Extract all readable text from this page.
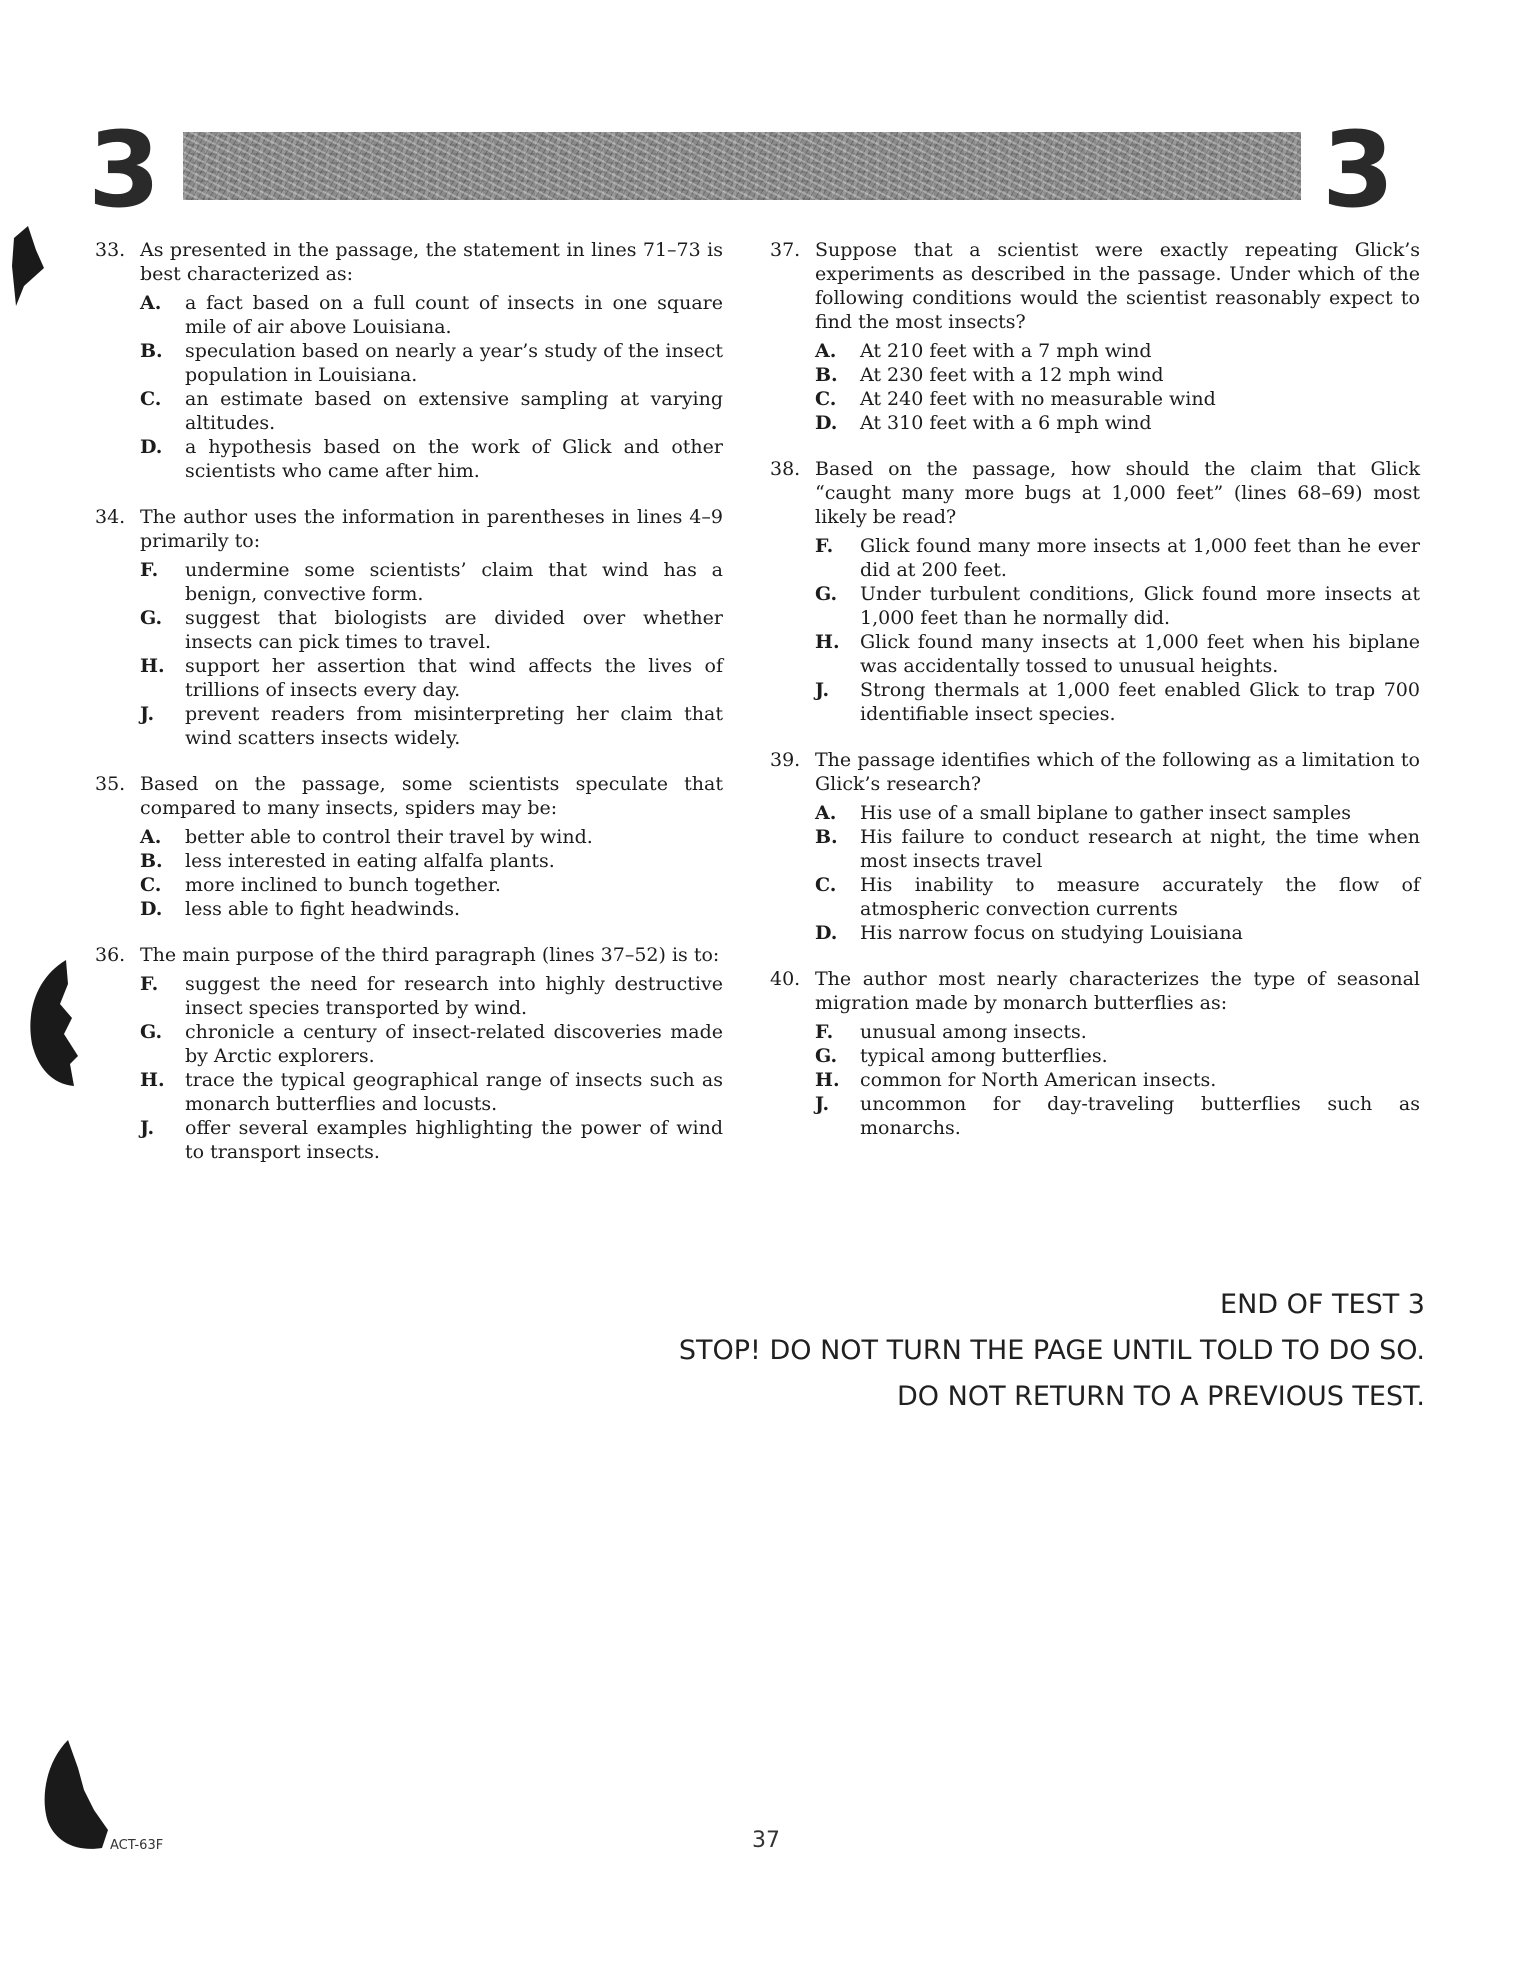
3	3
33. As presented in the passage, the statement in lines 71–73 is best characterized as:
A.	a fact based on a full count of insects in one square mile of air above Louisiana.
B.	speculation based on nearly a year’s study of the insect population in Louisiana.
C.	an estimate based on extensive sampling at varying altitudes.
D.	a hypothesis based on the work of Glick and other scientists who came after him.
34. The author uses the information in parentheses in lines 4–9 primarily to:
F.	undermine some scientists’ claim that wind has a benign, convective form.
G.	suggest that biologists are divided over whether insects can pick times to travel.
H.	support her assertion that wind affects the lives of trillions of insects every day.
J.	prevent readers from misinterpreting her claim that wind scatters insects widely.
35. Based on the passage, some scientists speculate that compared to many insects, spiders may be:
A.	better able to control their travel by wind.
B.	less interested in eating alfalfa plants.
C.	more inclined to bunch together.
D.	less able to fight headwinds.
36. The main purpose of the third paragraph (lines 37–52) is to:
F.	suggest the need for research into highly destructive insect species transported by wind.
G.	chronicle a century of insect-related discoveries made by Arctic explorers.
H.	trace the typical geographical range of insects such as monarch butterflies and locusts.
J.	offer several examples highlighting the power of wind to transport insects.
37. Suppose that a scientist were exactly repeating Glick’s experiments as described in the passage. Under which of the following conditions would the scientist reasonably expect to find the most insects?
A.	At 210 feet with a 7 mph wind
B.	At 230 feet with a 12 mph wind
C.	At 240 feet with no measurable wind
D.	At 310 feet with a 6 mph wind
38. Based on the passage, how should the claim that Glick “caught many more bugs at 1,000 feet” (lines 68–69) most likely be read?
F.	Glick found many more insects at 1,000 feet than he ever did at 200 feet.
G.	Under turbulent conditions, Glick found more insects at 1,000 feet than he normally did.
H.	Glick found many insects at 1,000 feet when his biplane was accidentally tossed to unusual heights.
J.	Strong thermals at 1,000 feet enabled Glick to trap 700 identifiable insect species.
39. The passage identifies which of the following as a limitation to Glick’s research?
A.	His use of a small biplane to gather insect samples
B.	His failure to conduct research at night, the time when most insects travel
C.	His inability to measure accurately the flow of atmospheric convection currents
D.	His narrow focus on studying Louisiana
40. The author most nearly characterizes the type of seasonal migration made by monarch butterflies as:
F.	unusual among insects.
G.	typical among butterflies.
H.	common for North American insects.
J.	uncommon for day-traveling butterflies such as monarchs.
END OF TEST 3
STOP! DO NOT TURN THE PAGE UNTIL TOLD TO DO SO.
DO NOT RETURN TO A PREVIOUS TEST.
ACT-63F	37
